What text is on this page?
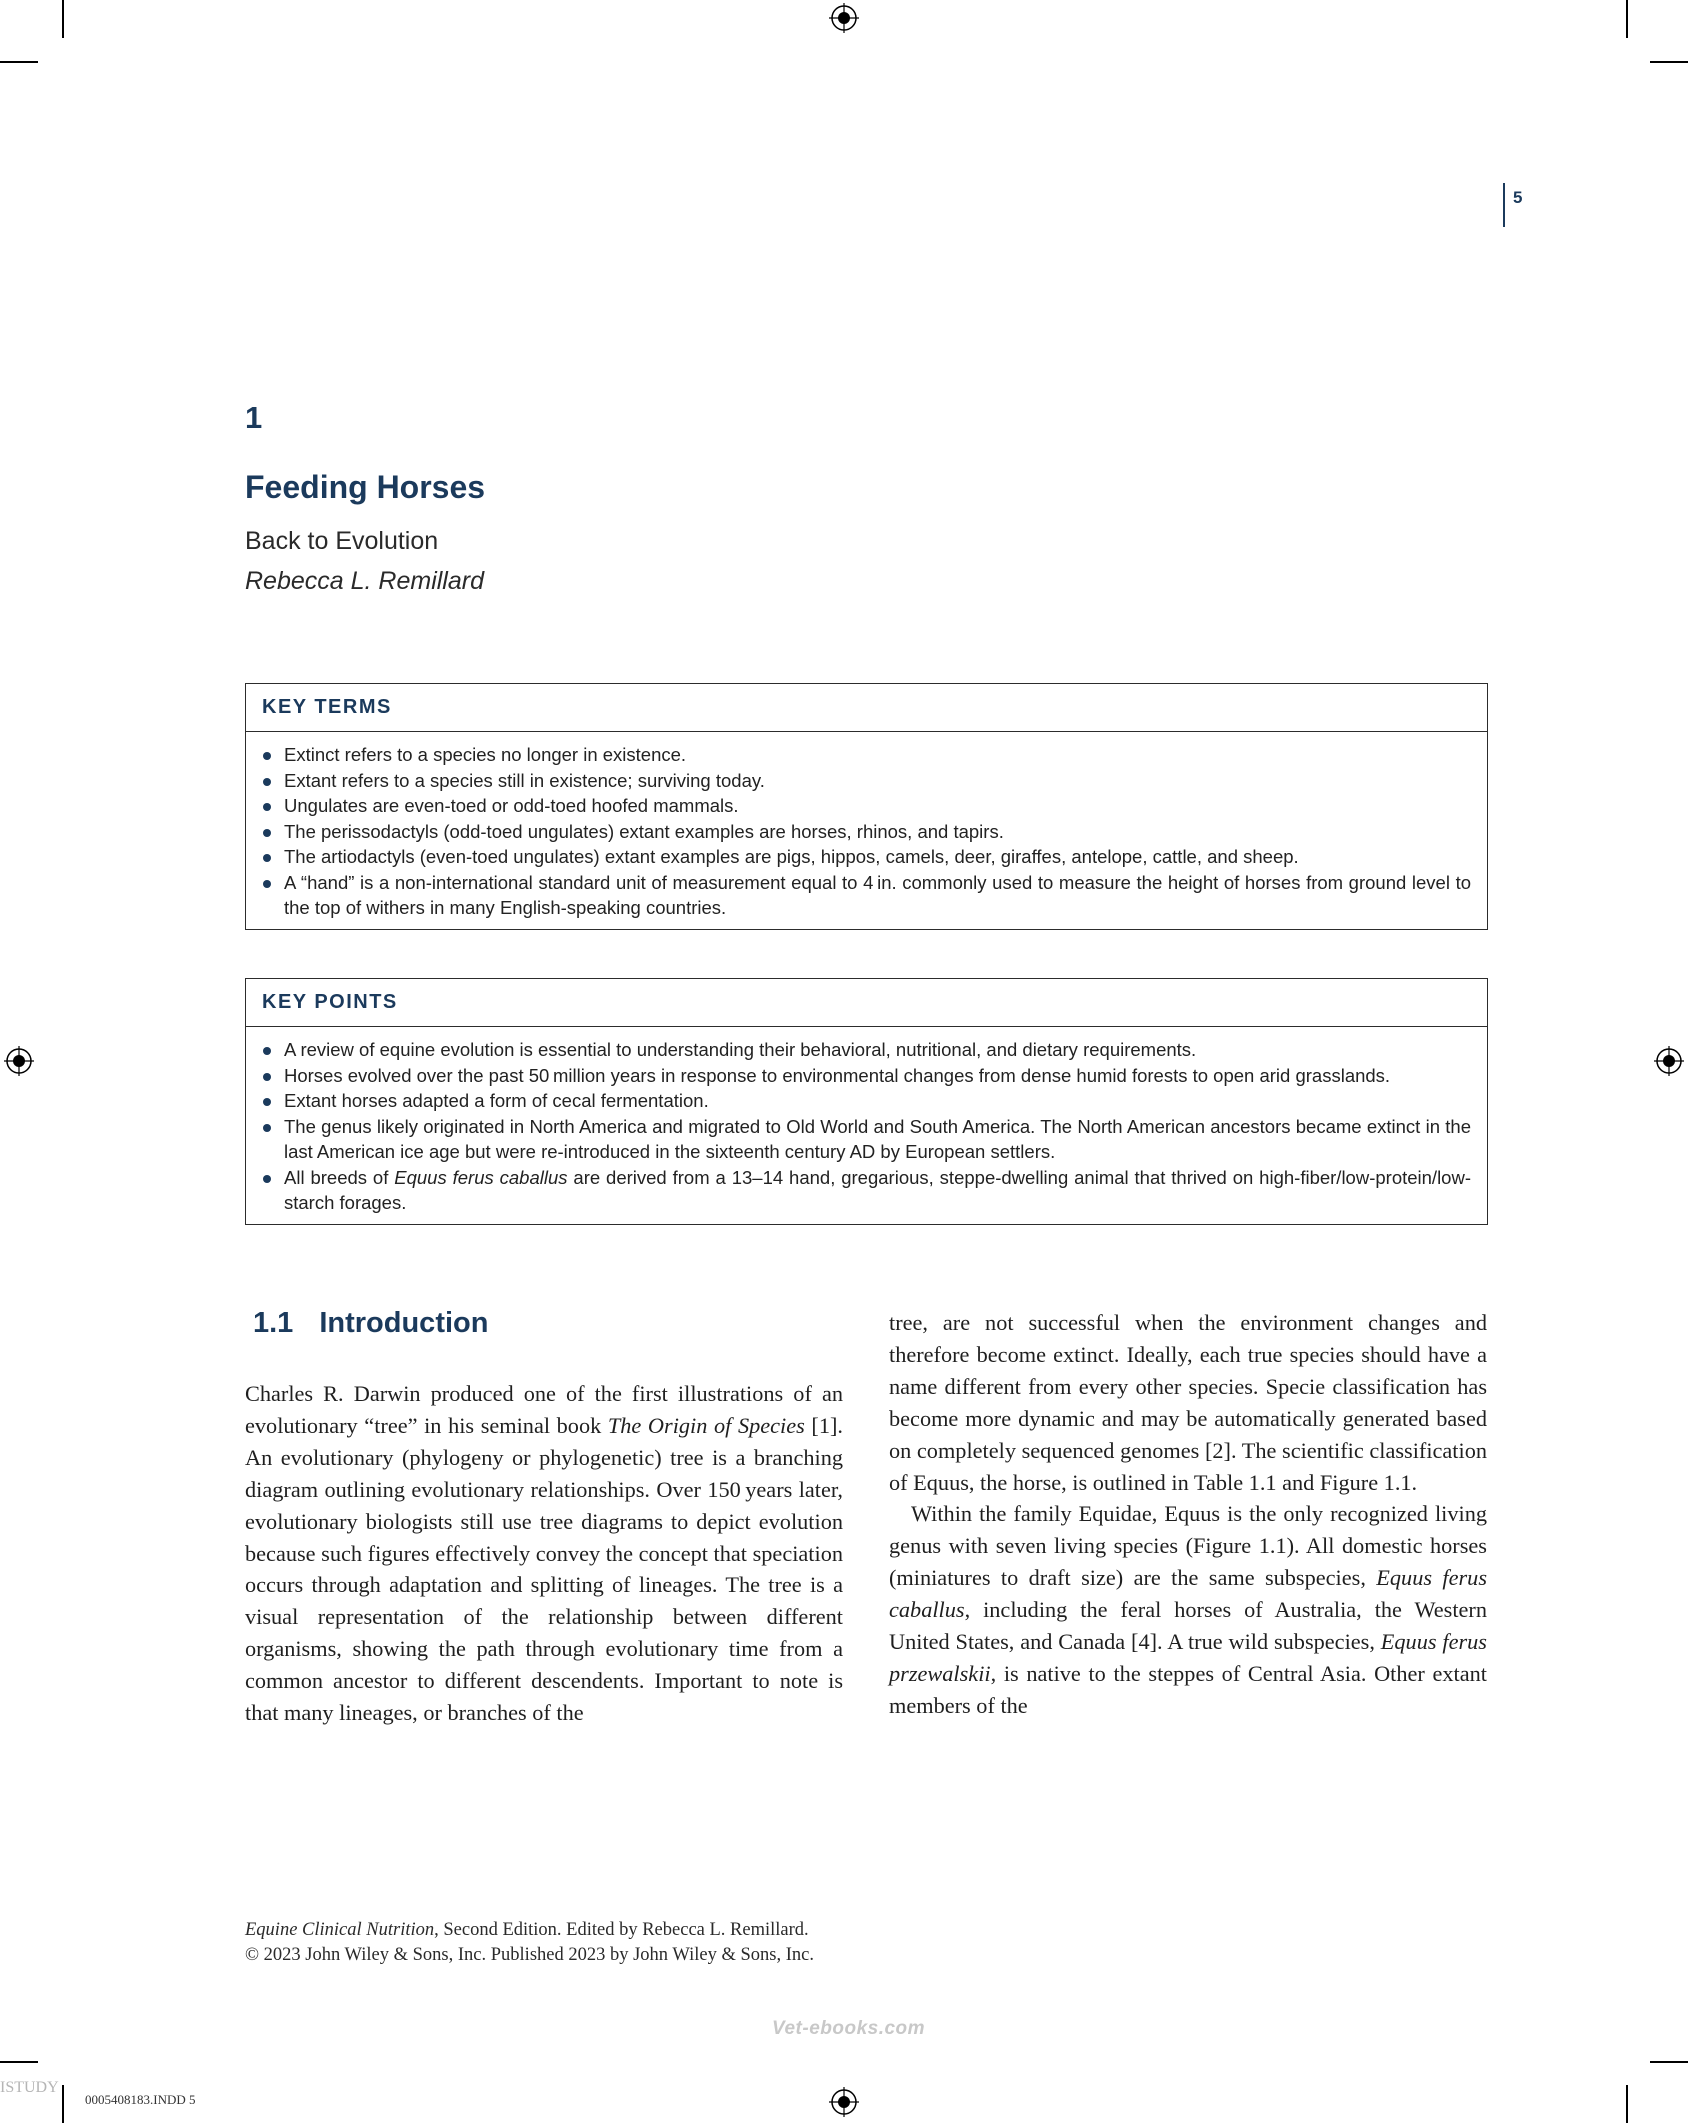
5
1
Feeding Horses
Back to Evolution
Rebecca L. Remillard
KEY TERMS
Extinct refers to a species no longer in existence.
Extant refers to a species still in existence; surviving today.
Ungulates are even-toed or odd-toed hoofed mammals.
The perissodactyls (odd-toed ungulates) extant examples are horses, rhinos, and tapirs.
The artiodactyls (even-toed ungulates) extant examples are pigs, hippos, camels, deer, giraffes, antelope, cattle, and sheep.
A “hand” is a non-international standard unit of measurement equal to 4 in. commonly used to measure the height of horses from ground level to the top of withers in many English-speaking countries.
KEY POINTS
A review of equine evolution is essential to understanding their behavioral, nutritional, and dietary requirements.
Horses evolved over the past 50 million years in response to environmental changes from dense humid forests to open arid grasslands.
Extant horses adapted a form of cecal fermentation.
The genus likely originated in North America and migrated to Old World and South America. The North American ancestors became extinct in the last American ice age but were re-introduced in the sixteenth century AD by European settlers.
All breeds of Equus ferus caballus are derived from a 13–14 hand, gregarious, steppe-dwelling animal that thrived on high-fiber/low-protein/low-starch forages.
1.1 Introduction

Charles R. Darwin produced one of the first illustrations of an evolutionary “tree” in his seminal book The Origin of Species [1]. An evolutionary (phylogeny or phylogenetic) tree is a branching diagram outlining evolutionary relationships. Over 150 years later, evolutionary biologists still use tree diagrams to depict evolution because such figures effectively convey the concept that speciation occurs through adaptation and splitting of lineages. The tree is a visual representation of the relationship between different organisms, showing the path through evolutionary time from a common ancestor to different descendents. Important to note is that many lineages, or branches of the

tree, are not successful when the environment changes and therefore become extinct. Ideally, each true species should have a name different from every other species. Specie classification has become more dynamic and may be automatically generated based on completely sequenced genomes [2]. The scientific classification of Equus, the horse, is outlined in Table 1.1 and Figure 1.1.

Within the family Equidae, Equus is the only recognized living genus with seven living species (Figure 1.1). All domestic horses (miniatures to draft size) are the same subspecies, Equus ferus caballus, including the feral horses of Australia, the Western United States, and Canada [4]. A true wild subspecies, Equus ferus przewalskii, is native to the steppes of Central Asia. Other extant members of the

Equine Clinical Nutrition, Second Edition. Edited by Rebecca L. Remillard.
© 2023 John Wiley & Sons, Inc. Published 2023 by John Wiley & Sons, Inc.
Vet-ebooks.com
0005408183.INDD 5
ISTUDY
